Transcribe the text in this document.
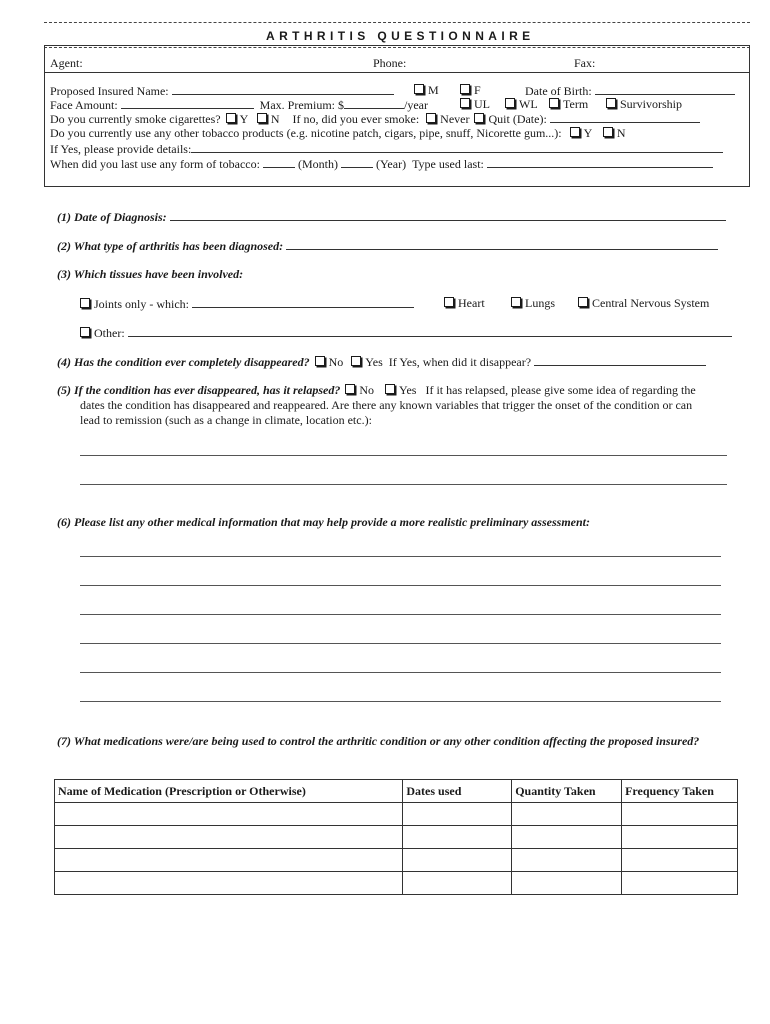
ARTHRITIS QUESTIONNAIRE
Agent:	Phone:	Fax:
Proposed Insured Name:	M	F	Date of Birth:
Face Amount:	Max. Premium: $	/year	UL	WL	Term	Survivorship
Do you currently smoke cigarettes? Y N If no, did you ever smoke: Never Quit (Date):
Do you currently use any other tobacco products (e.g. nicotine patch, cigars, pipe, snuff, Nicorette gum...): Y N
If Yes, please provide details:
When did you last use any form of tobacco:	(Month)	(Year) Type used last:
(1) Date of Diagnosis:
(2) What type of arthritis has been diagnosed:
(3) Which tissues have been involved:
Joints only - which:	Heart	Lungs	Central Nervous System
Other:
(4) Has the condition ever completely disappeared? No Yes If Yes, when did it disappear?
(5) If the condition has ever disappeared, has it relapsed? No Yes If it has relapsed, please give some idea of regarding the
dates the condition has disappeared and reappeared. Are there any known variables that trigger the onset of the condition or can
lead to remission (such as a change in climate, location etc.):
(6) Please list any other medical information that may help provide a more realistic preliminary assessment:
(7) What medications were/are being used to control the arthritic condition or any other condition affecting the proposed insured?
Name of Medication (Prescription or Otherwise)	Dates used	Quantity Taken	Frequency Taken
